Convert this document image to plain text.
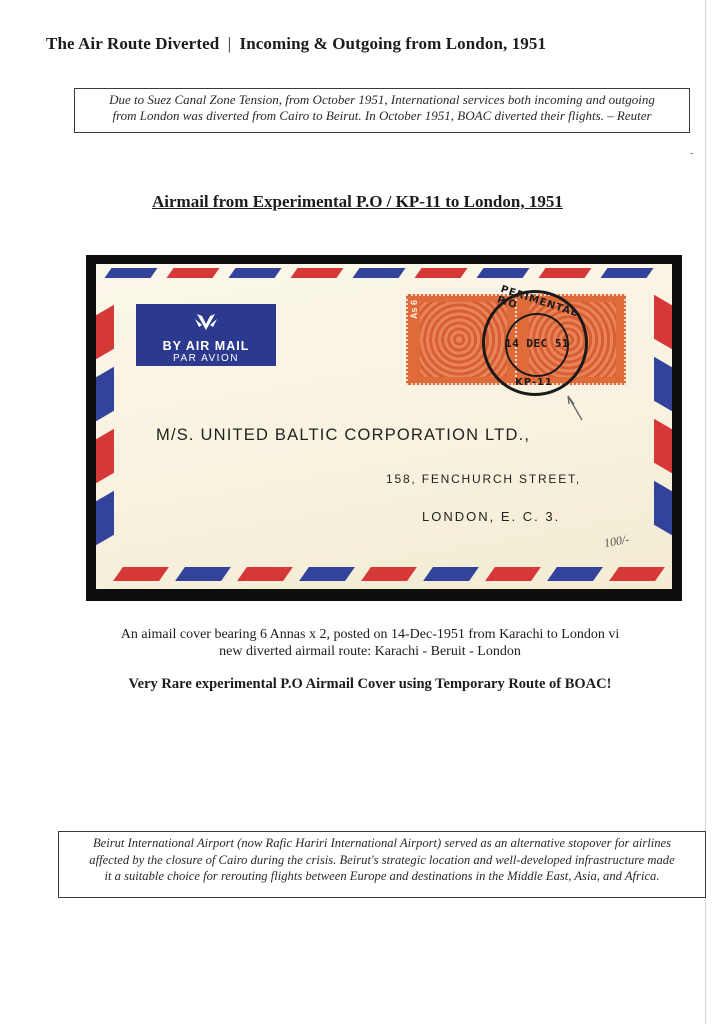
The Air Route Diverted | Incoming & Outgoing from London, 1951
Due to Suez Canal Zone Tension, from October 1951, International services both incoming and outgoing
from London was diverted from Cairo to Beirut. In October 1951, BOAC diverted their flights. – Reuter
Airmail from Experimental P.O / KP-11 to London, 1951
BY AIR MAIL
PAR AVION
As 6	PERIMENTAL P.O
14 DEC 51
KP-11
M/S. UNITED BALTIC CORPORATION LTD.,
158, FENCHURCH STREET,
LONDON, E. C. 3.
100/-
An aimail cover bearing 6 Annas x 2, posted on 14-Dec-1951 from Karachi to London vi
new diverted airmail route: Karachi - Beruit - London
Very Rare experimental P.O Airmail Cover using Temporary Route of BOAC!
Beirut International Airport (now Rafic Hariri International Airport) served as an alternative stopover for airlines
affected by the closure of Cairo during the crisis. Beirut's strategic location and well-developed infrastructure made
it a suitable choice for rerouting flights between Europe and destinations in the Middle East, Asia, and Africa.
